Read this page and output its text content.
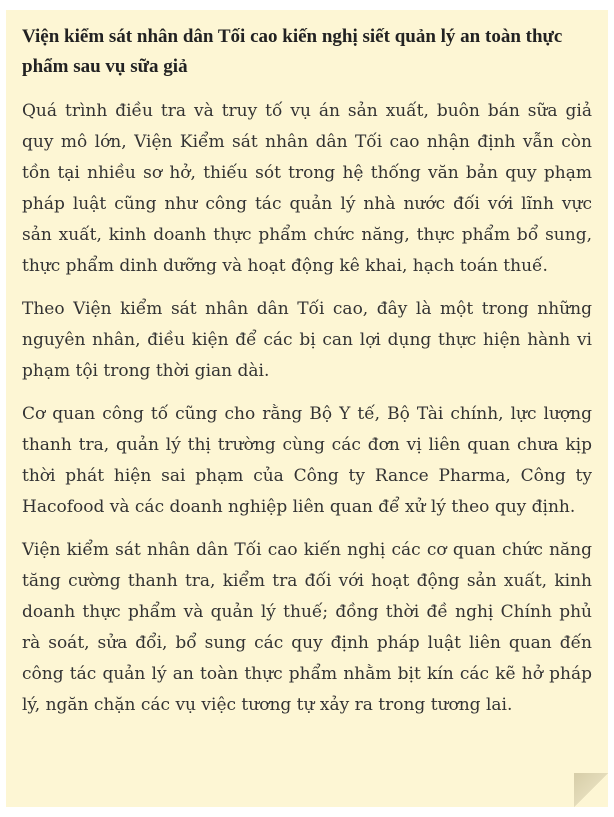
Viện kiểm sát nhân dân Tối cao kiến nghị siết quản lý an toàn thực phẩm sau vụ sữa giả

Quá trình điều tra và truy tố vụ án sản xuất, buôn bán sữa giả quy mô lớn, Viện Kiểm sát nhân dân Tối cao nhận định vẫn còn tồn tại nhiều sơ hở, thiếu sót trong hệ thống văn bản quy phạm pháp luật cũng như công tác quản lý nhà nước đối với lĩnh vực sản xuất, kinh doanh thực phẩm chức năng, thực phẩm bổ sung, thực phẩm dinh dưỡng và hoạt động kê khai, hạch toán thuế.

Theo Viện kiểm sát nhân dân Tối cao, đây là một trong những nguyên nhân, điều kiện để các bị can lợi dụng thực hiện hành vi phạm tội trong thời gian dài.

Cơ quan công tố cũng cho rằng Bộ Y tế, Bộ Tài chính, lực lượng thanh tra, quản lý thị trường cùng các đơn vị liên quan chưa kịp thời phát hiện sai phạm của Công ty Rance Pharma, Công ty Hacofood và các doanh nghiệp liên quan để xử lý theo quy định.

Viện kiểm sát nhân dân Tối cao kiến nghị các cơ quan chức năng tăng cường thanh tra, kiểm tra đối với hoạt động sản xuất, kinh doanh thực phẩm và quản lý thuế; đồng thời đề nghị Chính phủ rà soát, sửa đổi, bổ sung các quy định pháp luật liên quan đến công tác quản lý an toàn thực phẩm nhằm bịt kín các kẽ hở pháp lý, ngăn chặn các vụ việc tương tự xảy ra trong tương lai.
